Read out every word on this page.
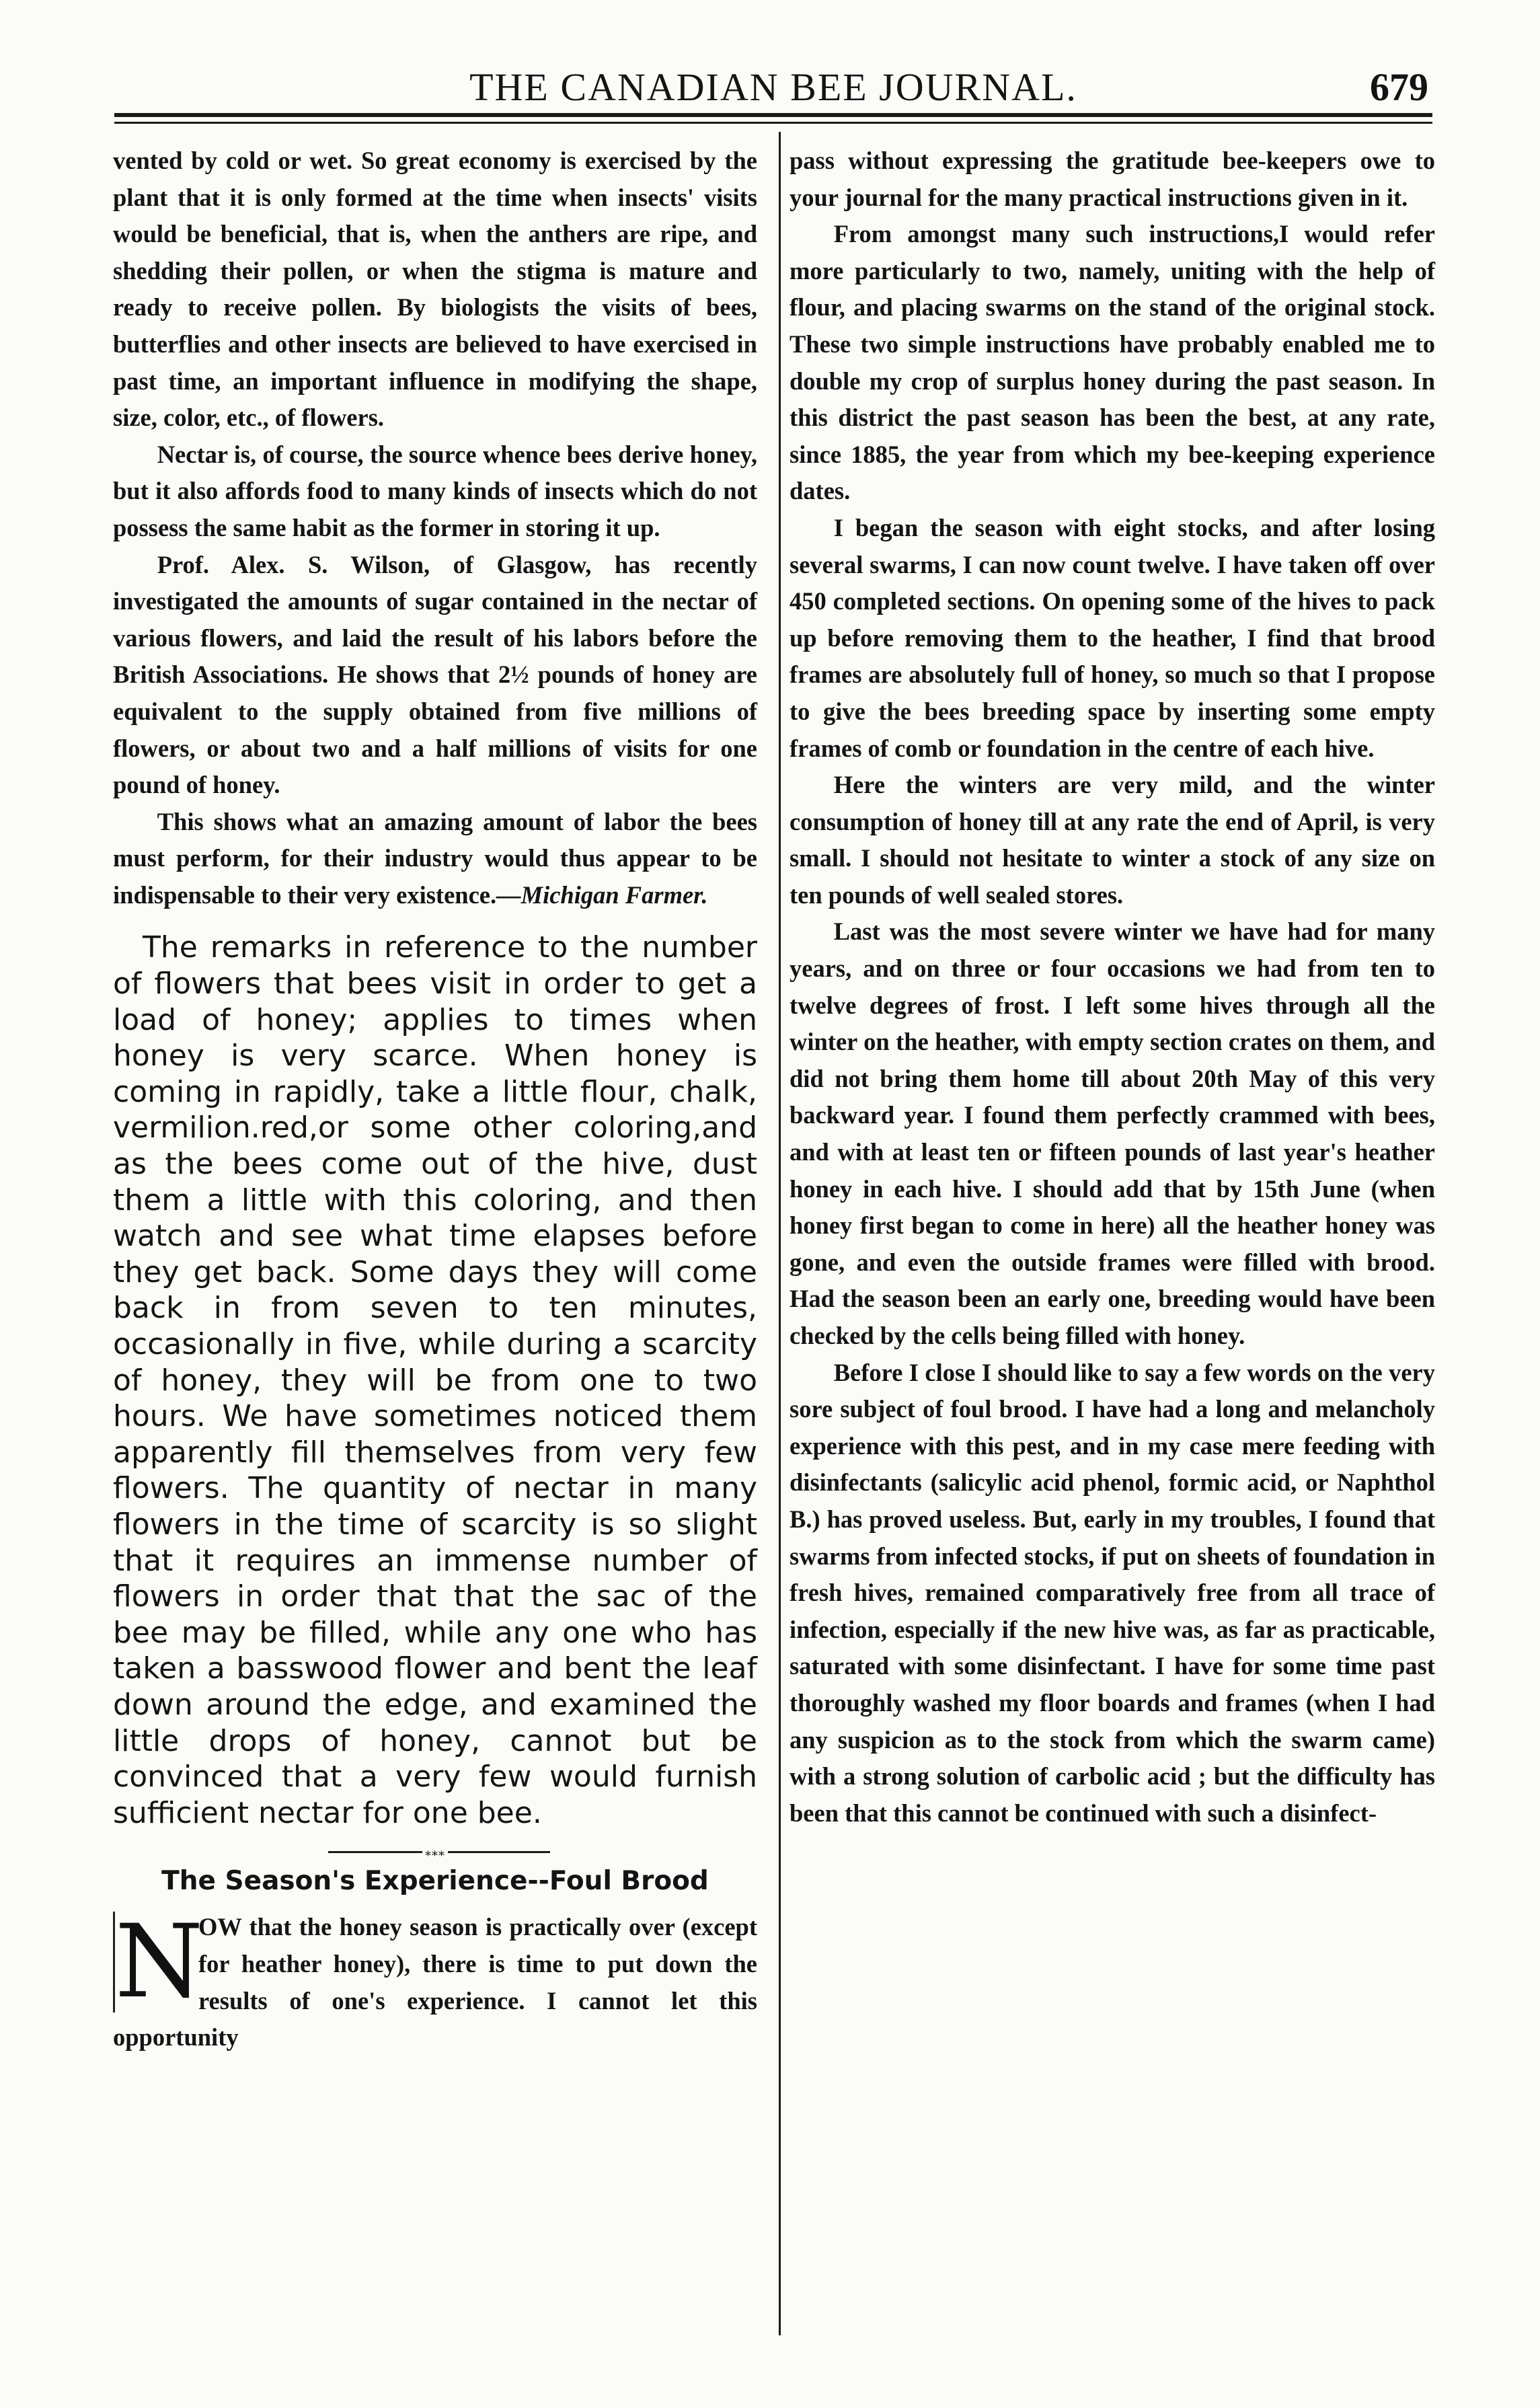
THE CANADIAN BEE JOURNAL.	679

vented by cold or wet. So great economy is exercised by the plant that it is only formed at the time when insects' visits would be beneficial, that is, when the anthers are ripe, and shedding their pollen, or when the stigma is mature and ready to receive pollen. By biologists the visits of bees, butterflies and other insects are believed to have exercised in past time, an important influence in modifying the shape, size, color, etc., of flowers.

Nectar is, of course, the source whence bees derive honey, but it also affords food to many kinds of insects which do not possess the same habit as the former in storing it up.

Prof. Alex. S. Wilson, of Glasgow, has recently investigated the amounts of sugar contained in the nectar of various flowers, and laid the result of his labors before the British Associations. He shows that 2½ pounds of honey are equivalent to the supply obtained from five millions of flowers, or about two and a half millions of visits for one pound of honey.

This shows what an amazing amount of labor the bees must perform, for their industry would thus appear to be indispensable to their very existence.—Michigan Farmer.

The remarks in reference to the number of flowers that bees visit in order to get a load of honey; applies to times when honey is very scarce. When honey is coming in rapidly, take a little flour, chalk, vermilion.red,or some other coloring,and as the bees come out of the hive, dust them a little with this coloring, and then watch and see what time elapses before they get back. Some days they will come back in from seven to ten minutes, occasionally in five, while during a scarcity of honey, they will be from one to two hours. We have sometimes noticed them apparently fill themselves from very few flowers. The quantity of nectar in many flowers in the time of scarcity is so slight that it requires an immense number of flowers in order that that the sac of the bee may be filled, while any one who has taken a basswood flower and bent the leaf down around the edge, and examined the little drops of honey, cannot but be convinced that a very few would furnish sufficient nectar for one bee.

⁎⁎⁎
The Season's Experience--Foul Brood
N

OW that the honey season is practically over (except for heather honey), there is time to put down the results of one's experience. I cannot let this opportunity

pass without expressing the gratitude bee-keepers owe to your journal for the many practical instructions given in it.

From amongst many such instructions,I would refer more particularly to two, namely, uniting with the help of flour, and placing swarms on the stand of the original stock. These two simple instructions have probably enabled me to double my crop of surplus honey during the past season. In this district the past season has been the best, at any rate, since 1885, the year from which my bee-keeping experience dates.

I began the season with eight stocks, and after losing several swarms, I can now count twelve. I have taken off over 450 completed sections. On opening some of the hives to pack up before removing them to the heather, I find that brood frames are absolutely full of honey, so much so that I propose to give the bees breeding space by inserting some empty frames of comb or foundation in the centre of each hive.

Here the winters are very mild, and the winter consumption of honey till at any rate the end of April, is very small. I should not hesitate to winter a stock of any size on ten pounds of well sealed stores.

Last was the most severe winter we have had for many years, and on three or four occasions we had from ten to twelve degrees of frost. I left some hives through all the winter on the heather, with empty section crates on them, and did not bring them home till about 20th May of this very backward year. I found them perfectly crammed with bees, and with at least ten or fifteen pounds of last year's heather honey in each hive. I should add that by 15th June (when honey first began to come in here) all the heather honey was gone, and even the outside frames were filled with brood. Had the season been an early one, breeding would have been checked by the cells being filled with honey.

Before I close I should like to say a few words on the very sore subject of foul brood. I have had a long and melancholy experience with this pest, and in my case mere feeding with disinfectants (salicylic acid phenol, formic acid, or Naphthol B.) has proved useless. But, early in my troubles, I found that swarms from infected stocks, if put on sheets of foundation in fresh hives, remained comparatively free from all trace of infection, especially if the new hive was, as far as practicable, saturated with some disinfectant. I have for some time past thoroughly washed my floor boards and frames (when I had any suspicion as to the stock from which the swarm came) with a strong solution of carbolic acid ; but the difficulty has been that this cannot be continued with such a disinfect-
